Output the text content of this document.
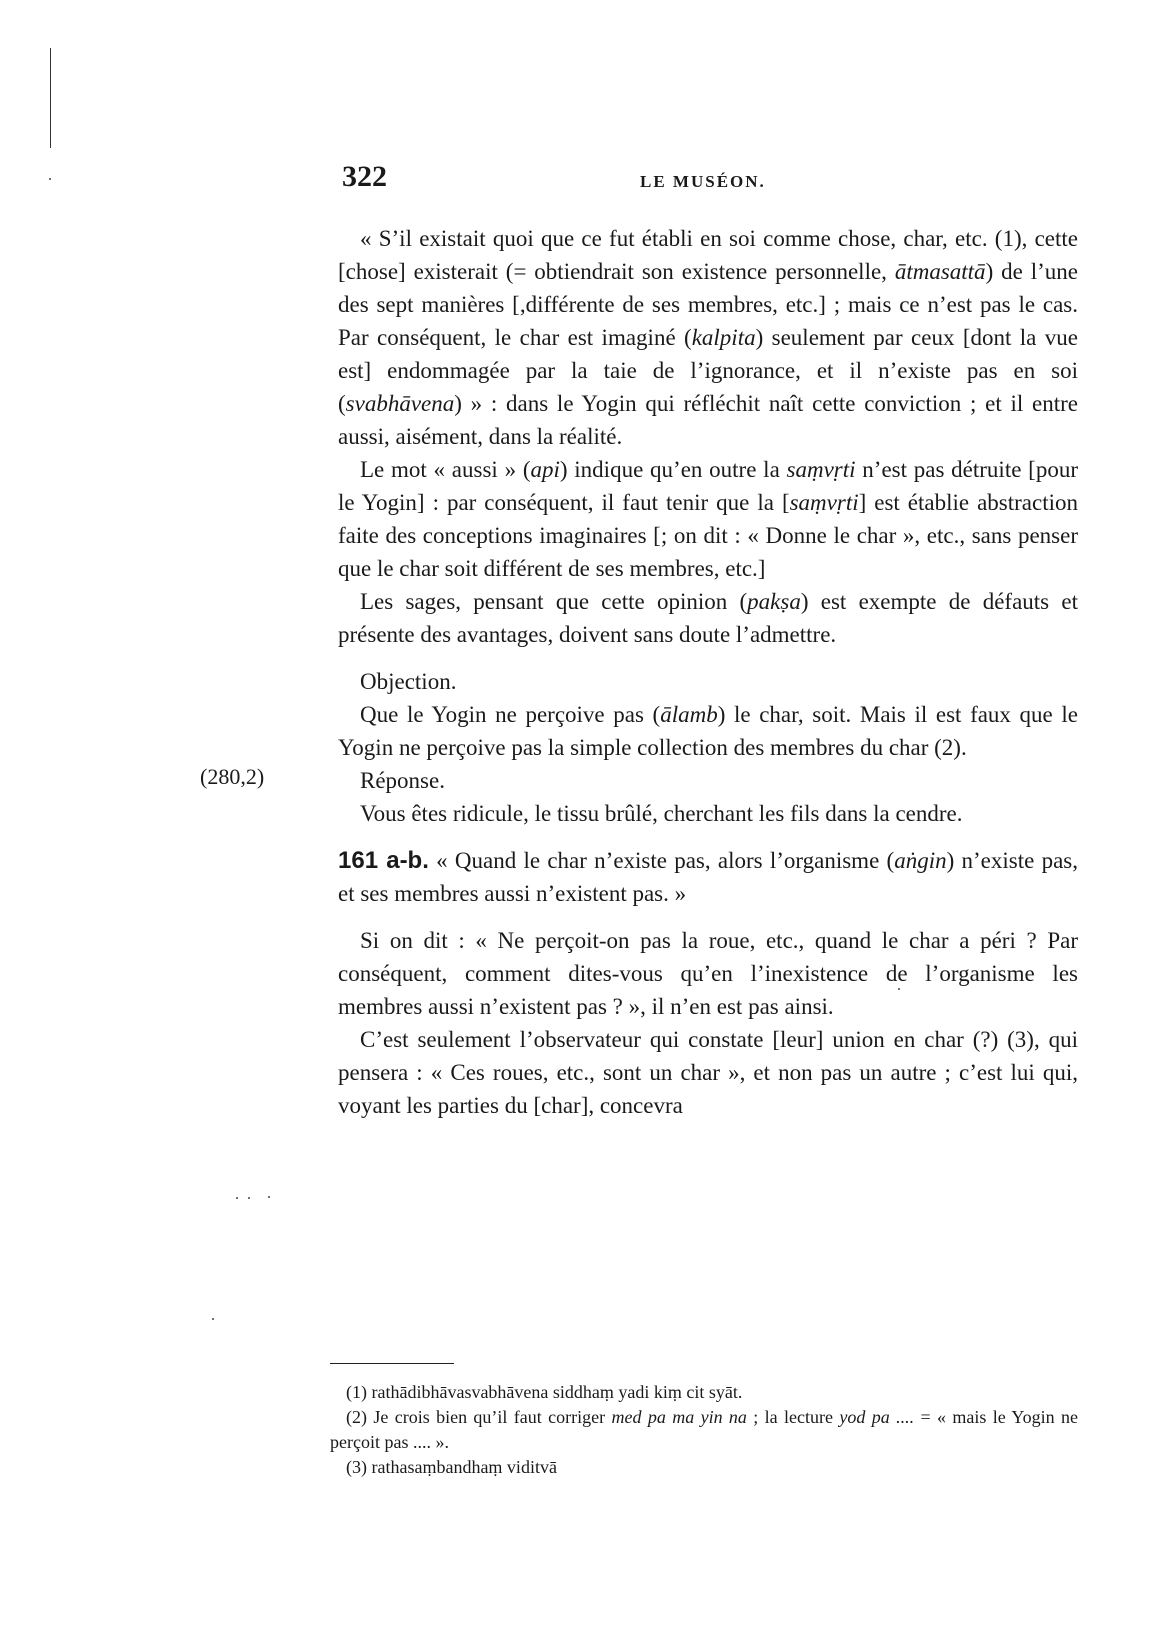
322	LE MUSÉON.
(280,2)

« S’il existait quoi que ce fut établi en soi comme chose, char, etc. (1), cette [chose] existerait (= obtiendrait son existence personnelle, ātmasattā) de l’une des sept manières [,différente de ses membres, etc.] ; mais ce n’est pas le cas. Par conséquent, le char est imaginé (kalpita) seulement par ceux [dont la vue est] endommagée par la taie de l’ignorance, et il n’existe pas en soi (svabhāvena) » : dans le Yogin qui réfléchit naît cette conviction ; et il entre aussi, aisément, dans la réalité.

Le mot « aussi » (api) indique qu’en outre la saṃvṛti n’est pas détruite [pour le Yogin] : par conséquent, il faut tenir que la [saṃvṛti] est établie abstraction faite des conceptions imaginaires [; on dit : « Donne le char », etc., sans penser que le char soit différent de ses membres, etc.]

Les sages, pensant que cette opinion (pakṣa) est exempte de défauts et présente des avantages, doivent sans doute l’admettre.

Objection.

Que le Yogin ne perçoive pas (ālamb) le char, soit. Mais il est faux que le Yogin ne perçoive pas la simple collection des membres du char (2).

Réponse.

Vous êtes ridicule, le tissu brûlé, cherchant les fils dans la cendre.

161 a-b. « Quand le char n’existe pas, alors l’organisme (aṅgin) n’existe pas, et ses membres aussi n’existent pas. »

Si on dit : « Ne perçoit-on pas la roue, etc., quand le char a péri ? Par conséquent, comment dites-vous qu’en l’inexistence de l’organisme les membres aussi n’existent pas ? », il n’en est pas ainsi.

C’est seulement l’observateur qui constate [leur] union en char (?) (3), qui pensera : « Ces roues, etc., sont un char », et non pas un autre ; c’est lui qui, voyant les parties du [char], concevra

(1) rathādibhāvasvabhāvena siddhaṃ yadi kiṃ cit syāt.

(2) Je crois bien qu’il faut corriger med pa ma yin na ; la lecture yod pa .... = « mais le Yogin ne perçoit pas .... ».

(3) rathasaṃbandhaṃ viditvā
